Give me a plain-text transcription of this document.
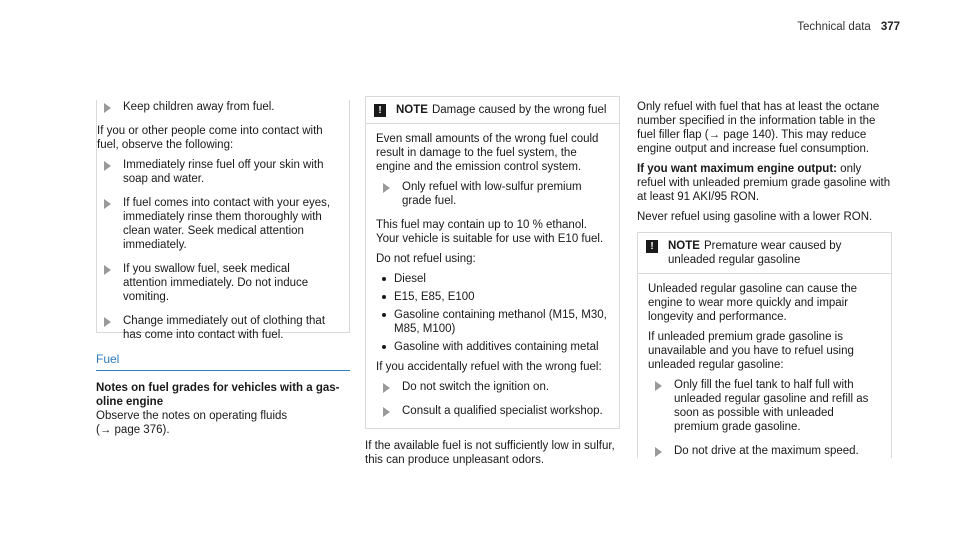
Technical data 377
Keep children away from fuel.

If you or other people come into contact with fuel, observe the following:

Immediately rinse fuel off your skin with soap and water.
If fuel comes into contact with your eyes, immediately rinse them thoroughly with clean water. Seek medical attention immediately.
If you swallow fuel, seek medical attention immediately. Do not induce vomiting.
Change immediately out of clothing that has come into contact with fuel.
Fuel
Notes on fuel grades for vehicles with a gas-oline engine
Observe the notes on operating fluids
(→ page 376).
!	NOTE Damage caused by the wrong fuel

Even small amounts of the wrong fuel could result in damage to the fuel system, the engine and the emission control system.

Only refuel with low-sulfur premium grade fuel.

This fuel may contain up to 10 % ethanol. Your vehicle is suitable for use with E10 fuel.

Do not refuel using:

Diesel
E15, E85, E100
Gasoline containing methanol (M15, M30, M85, M100)
Gasoline with additives containing metal

If you accidentally refuel with the wrong fuel:

Do not switch the ignition on.
Consult a qualified specialist workshop.

If the available fuel is not sufficiently low in sulfur, this can produce unpleasant odors.

Only refuel with fuel that has at least the octane number specified in the information table in the fuel filler flap (→ page 140). This may reduce engine output and increase fuel consumption.

If you want maximum engine output: only refuel with unleaded premium grade gasoline with at least 91 AKI/95 RON.

Never refuel using gasoline with a lower RON.

!	NOTE Premature wear caused by unleaded regular gasoline

Unleaded regular gasoline can cause the engine to wear more quickly and impair longevity and performance.

If unleaded premium grade gasoline is unavailable and you have to refuel using unleaded regular gasoline:

Only fill the fuel tank to half full with unleaded regular gasoline and refill as soon as possible with unleaded premium grade gasoline.
Do not drive at the maximum speed.
